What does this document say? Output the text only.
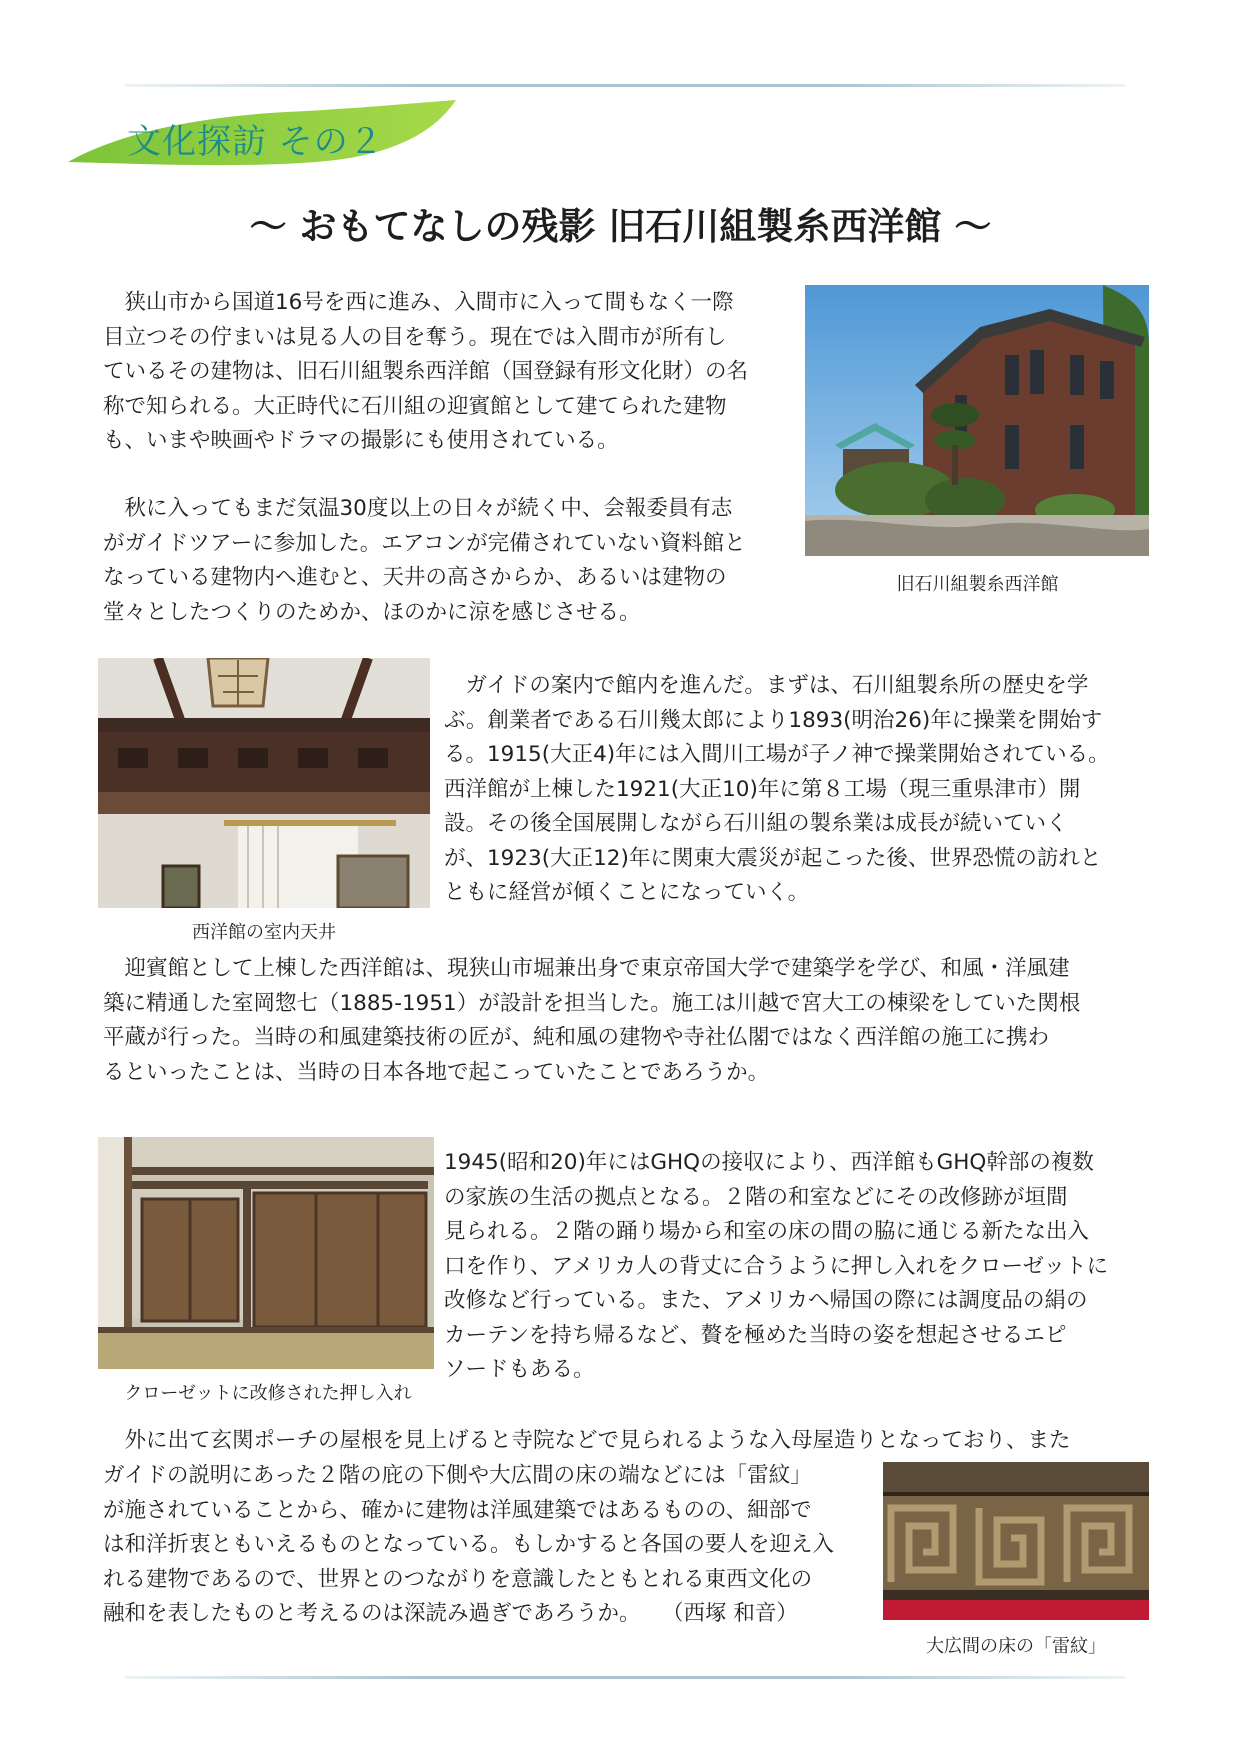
文化探訪 その２
〜 おもてなしの残影 旧石川組製糸西洋館 〜
　狭山市から国道16号を西に進み、入間市に入って間もなく一際
目立つその佇まいは見る人の目を奪う。現在では入間市が所有し
ているその建物は、旧石川組製糸西洋館（国登録有形文化財）の名
称で知られる。大正時代に石川組の迎賓館として建てられた建物
も、いまや映画やドラマの撮影にも使用されている。
　秋に入ってもまだ気温30度以上の日々が続く中、会報委員有志
がガイドツアーに参加した。エアコンが完備されていない資料館と
なっている建物内へ進むと、天井の高さからか、あるいは建物の
堂々としたつくりのためか、ほのかに涼を感じさせる。
旧石川組製糸西洋館
西洋館の室内天井
　ガイドの案内で館内を進んだ。まずは、石川組製糸所の歴史を学
ぶ。創業者である石川幾太郎により1893(明治26)年に操業を開始す
る。1915(大正4)年には入間川工場が子ノ神で操業開始されている。
西洋館が上棟した1921(大正10)年に第８工場（現三重県津市）開
設。その後全国展開しながら石川組の製糸業は成長が続いていく
が、1923(大正12)年に関東大震災が起こった後、世界恐慌の訪れと
ともに経営が傾くことになっていく。
　迎賓館として上棟した西洋館は、現狭山市堀兼出身で東京帝国大学で建築学を学び、和風・洋風建
築に精通した室岡惣七（1885-1951）が設計を担当した。施工は川越で宮大工の棟梁をしていた関根
平蔵が行った。当時の和風建築技術の匠が、純和風の建物や寺社仏閣ではなく西洋館の施工に携わ
るといったことは、当時の日本各地で起こっていたことであろうか。
クローゼットに改修された押し入れ
1945(昭和20)年にはGHQの接収により、西洋館もGHQ幹部の複数
の家族の生活の拠点となる。２階の和室などにその改修跡が垣間
見られる。２階の踊り場から和室の床の間の脇に通じる新たな出入
口を作り、アメリカ人の背丈に合うように押し入れをクローゼットに
改修など行っている。また、アメリカへ帰国の際には調度品の絹の
カーテンを持ち帰るなど、贅を極めた当時の姿を想起させるエピ
ソードもある。
　外に出て玄関ポーチの屋根を見上げると寺院などで見られるような入母屋造りとなっており、また
ガイドの説明にあった２階の庇の下側や大広間の床の端などには「雷紋」
が施されていることから、確かに建物は洋風建築ではあるものの、細部で
は和洋折衷ともいえるものとなっている。もしかすると各国の要人を迎え入
れる建物であるので、世界とのつながりを意識したともとれる東西文化の
融和を表したものと考えるのは深読み過ぎであろうか。　　（西塚 和音）
大広間の床の「雷紋」
